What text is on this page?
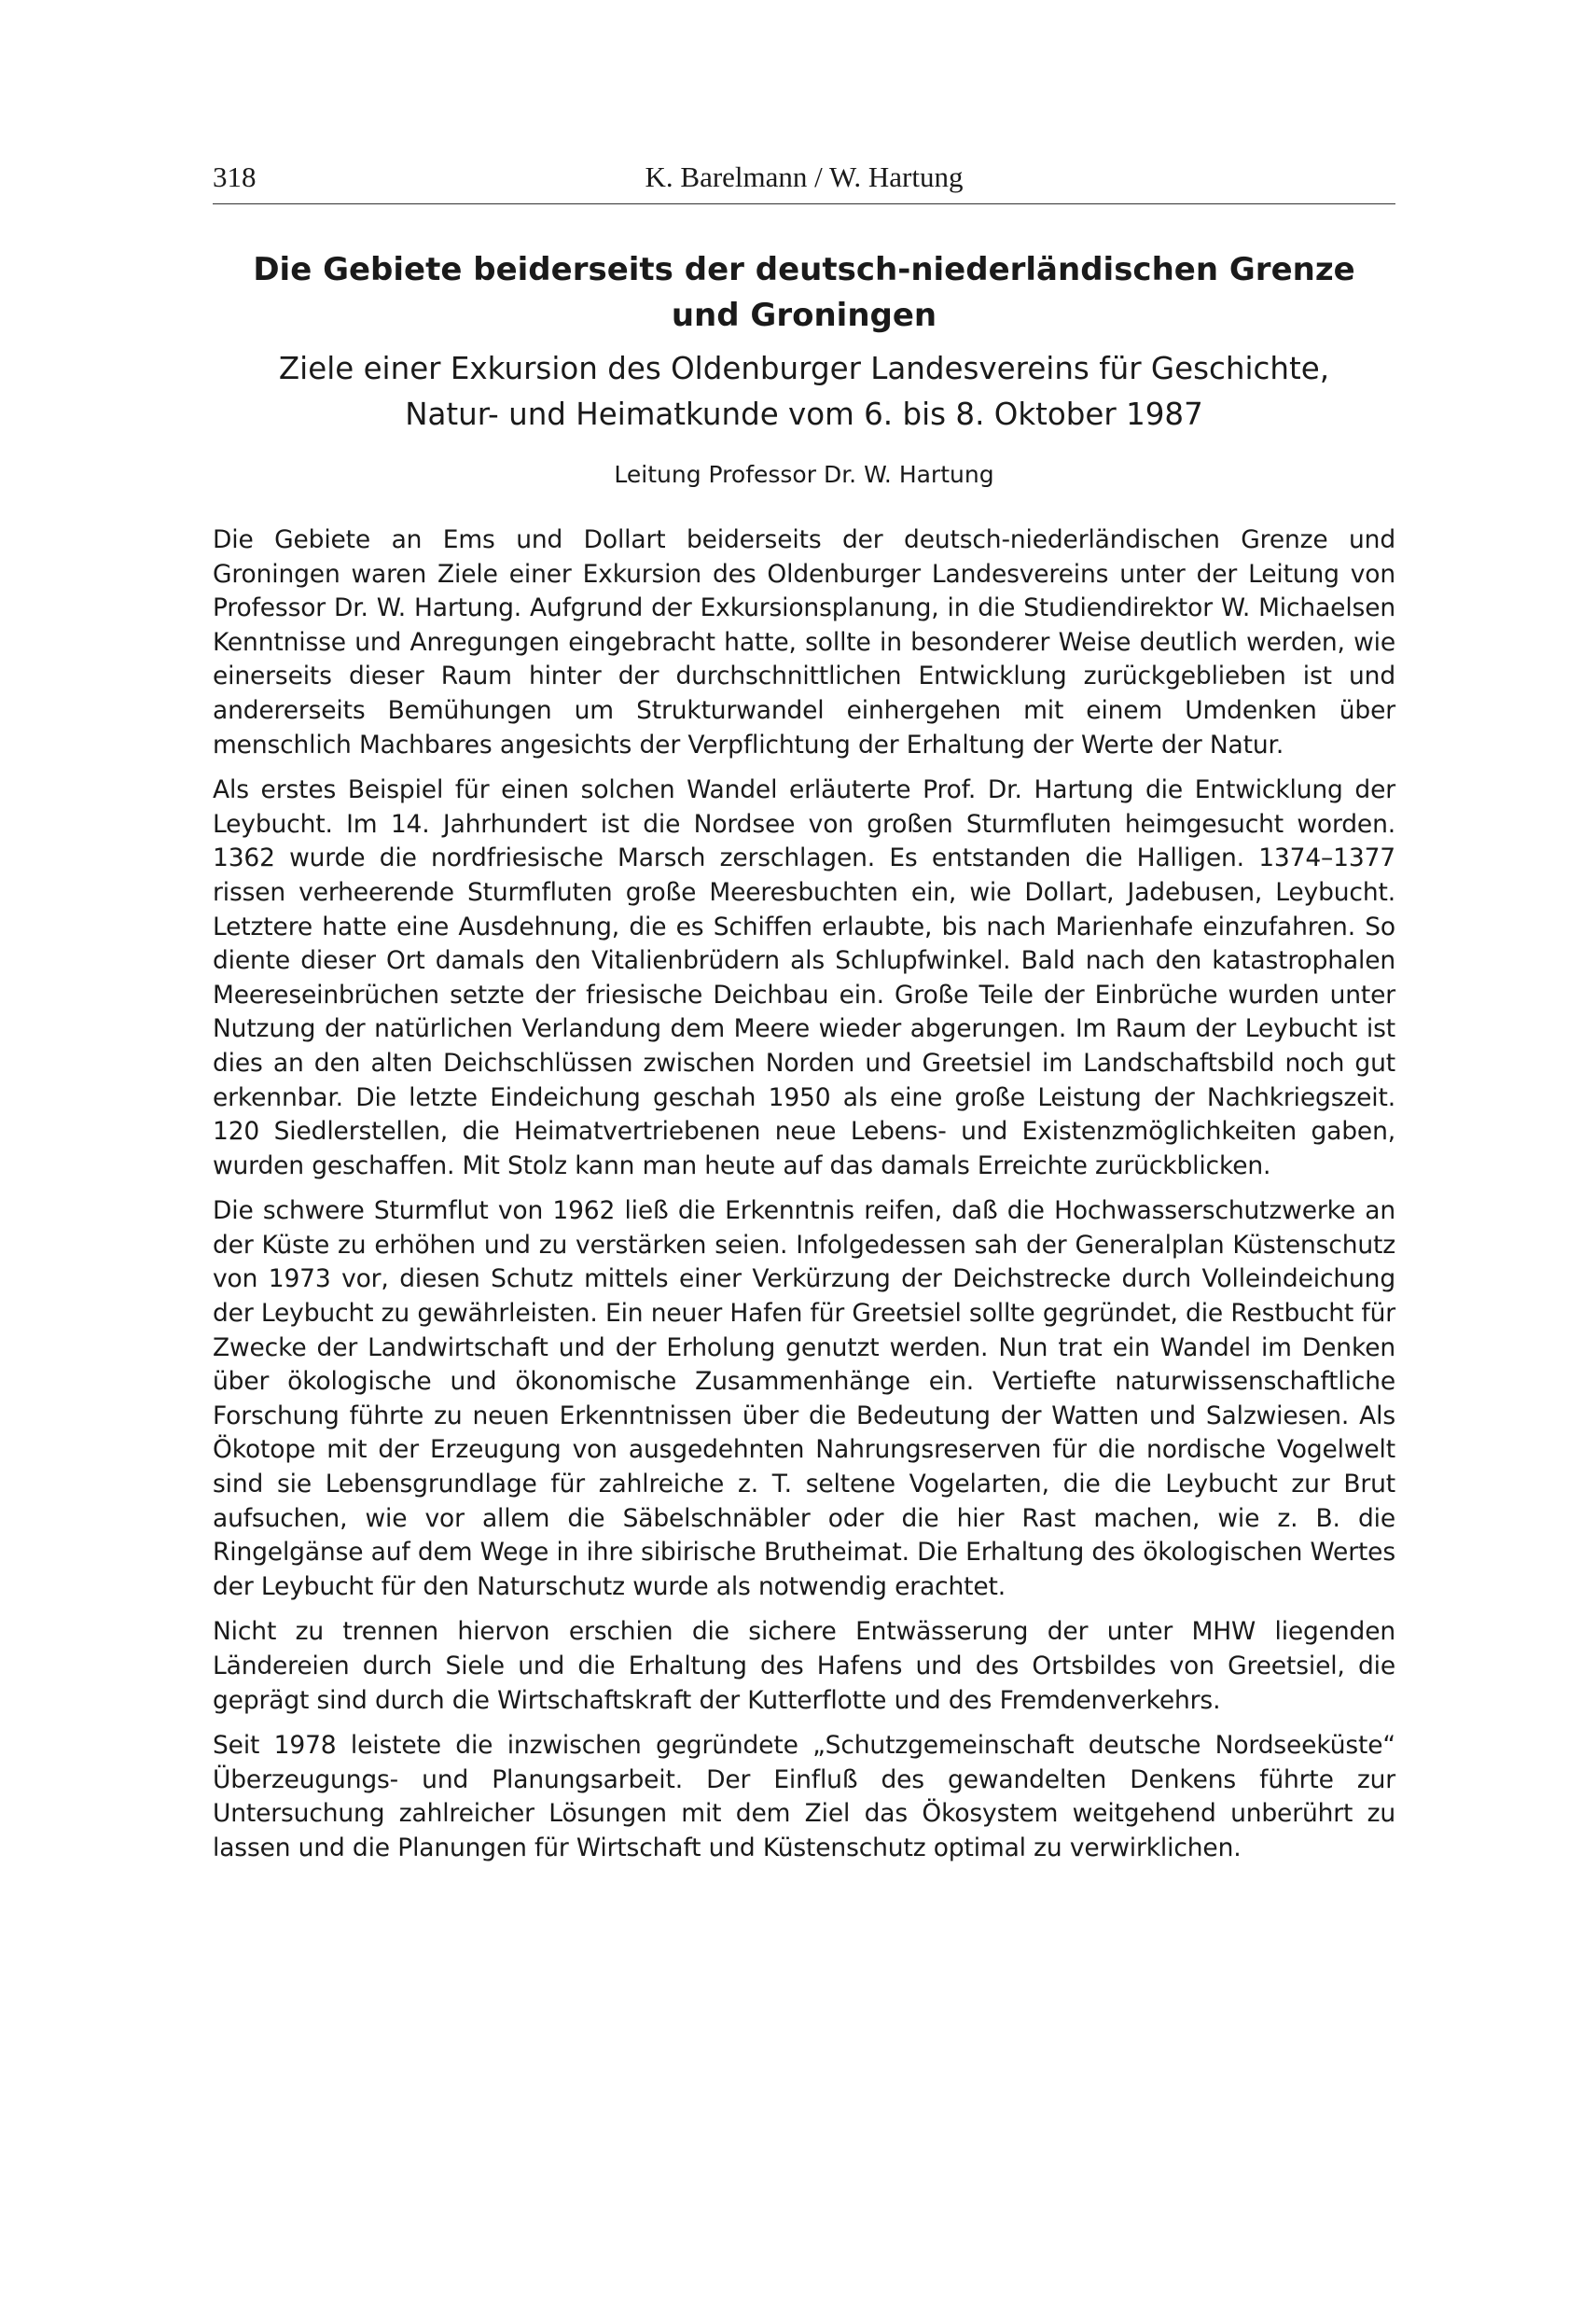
318	K. Barelmann / W. Hartung
Die Gebiete beiderseits der deutsch-niederländischen Grenze
und Groningen

Ziele einer Exkursion des Oldenburger Landesvereins für Geschichte,
Natur- und Heimatkunde vom 6. bis 8. Oktober 1987

Leitung Professor Dr. W. Hartung

Die Gebiete an Ems und Dollart beiderseits der deutsch-niederländischen Grenze und Groningen waren Ziele einer Exkursion des Oldenburger Landesvereins unter der Leitung von Professor Dr. W. Hartung. Aufgrund der Exkursionsplanung, in die Studiendirektor W. Michaelsen Kenntnisse und Anregungen eingebracht hatte, sollte in besonderer Weise deutlich werden, wie einerseits dieser Raum hinter der durchschnittlichen Entwicklung zurückgeblieben ist und andererseits Bemühungen um Strukturwandel einhergehen mit einem Umdenken über menschlich Machbares angesichts der Verpflichtung der Erhaltung der Werte der Natur.

Als erstes Beispiel für einen solchen Wandel erläuterte Prof. Dr. Hartung die Entwicklung der Leybucht. Im 14. Jahrhundert ist die Nordsee von großen Sturmfluten heimgesucht worden. 1362 wurde die nordfriesische Marsch zerschlagen. Es entstanden die Halligen. 1374–1377 rissen verheerende Sturmfluten große Meeresbuchten ein, wie Dollart, Jadebusen, Leybucht. Letztere hatte eine Ausdehnung, die es Schiffen erlaubte, bis nach Marienhafe einzufahren. So diente dieser Ort damals den Vitalienbrüdern als Schlupfwinkel. Bald nach den katastrophalen Meereseinbrüchen setzte der friesische Deichbau ein. Große Teile der Einbrüche wurden unter Nutzung der natürlichen Verlandung dem Meere wieder abgerungen. Im Raum der Leybucht ist dies an den alten Deichschlüssen zwischen Norden und Greetsiel im Landschaftsbild noch gut erkennbar. Die letzte Eindeichung geschah 1950 als eine große Leistung der Nachkriegszeit. 120 Siedlerstellen, die Heimatvertriebenen neue Lebens- und Existenzmöglichkeiten gaben, wurden geschaffen. Mit Stolz kann man heute auf das damals Erreichte zurückblicken.

Die schwere Sturmflut von 1962 ließ die Erkenntnis reifen, daß die Hochwasserschutzwerke an der Küste zu erhöhen und zu verstärken seien. Infolgedessen sah der Generalplan Küstenschutz von 1973 vor, diesen Schutz mittels einer Verkürzung der Deichstrecke durch Volleindeichung der Leybucht zu gewährleisten. Ein neuer Hafen für Greetsiel sollte gegründet, die Restbucht für Zwecke der Landwirtschaft und der Erholung genutzt werden. Nun trat ein Wandel im Denken über ökologische und ökonomische Zusammenhänge ein. Vertiefte naturwissenschaftliche Forschung führte zu neuen Erkenntnissen über die Bedeutung der Watten und Salzwiesen. Als Ökotope mit der Erzeugung von ausgedehnten Nahrungsreserven für die nordische Vogelwelt sind sie Lebensgrundlage für zahlreiche z. T. seltene Vogelarten, die die Leybucht zur Brut aufsuchen, wie vor allem die Säbelschnäbler oder die hier Rast machen, wie z. B. die Ringelgänse auf dem Wege in ihre sibirische Brutheimat. Die Erhaltung des ökologischen Wertes der Leybucht für den Naturschutz wurde als notwendig erachtet.

Nicht zu trennen hiervon erschien die sichere Entwässerung der unter MHW liegenden Ländereien durch Siele und die Erhaltung des Hafens und des Ortsbildes von Greetsiel, die geprägt sind durch die Wirtschaftskraft der Kutterflotte und des Fremdenverkehrs.

Seit 1978 leistete die inzwischen gegründete „Schutzgemeinschaft deutsche Nordseeküste“ Überzeugungs- und Planungsarbeit. Der Einfluß des gewandelten Denkens führte zur Untersuchung zahlreicher Lösungen mit dem Ziel das Ökosystem weitgehend unberührt zu lassen und die Planungen für Wirtschaft und Küstenschutz optimal zu verwirklichen.
